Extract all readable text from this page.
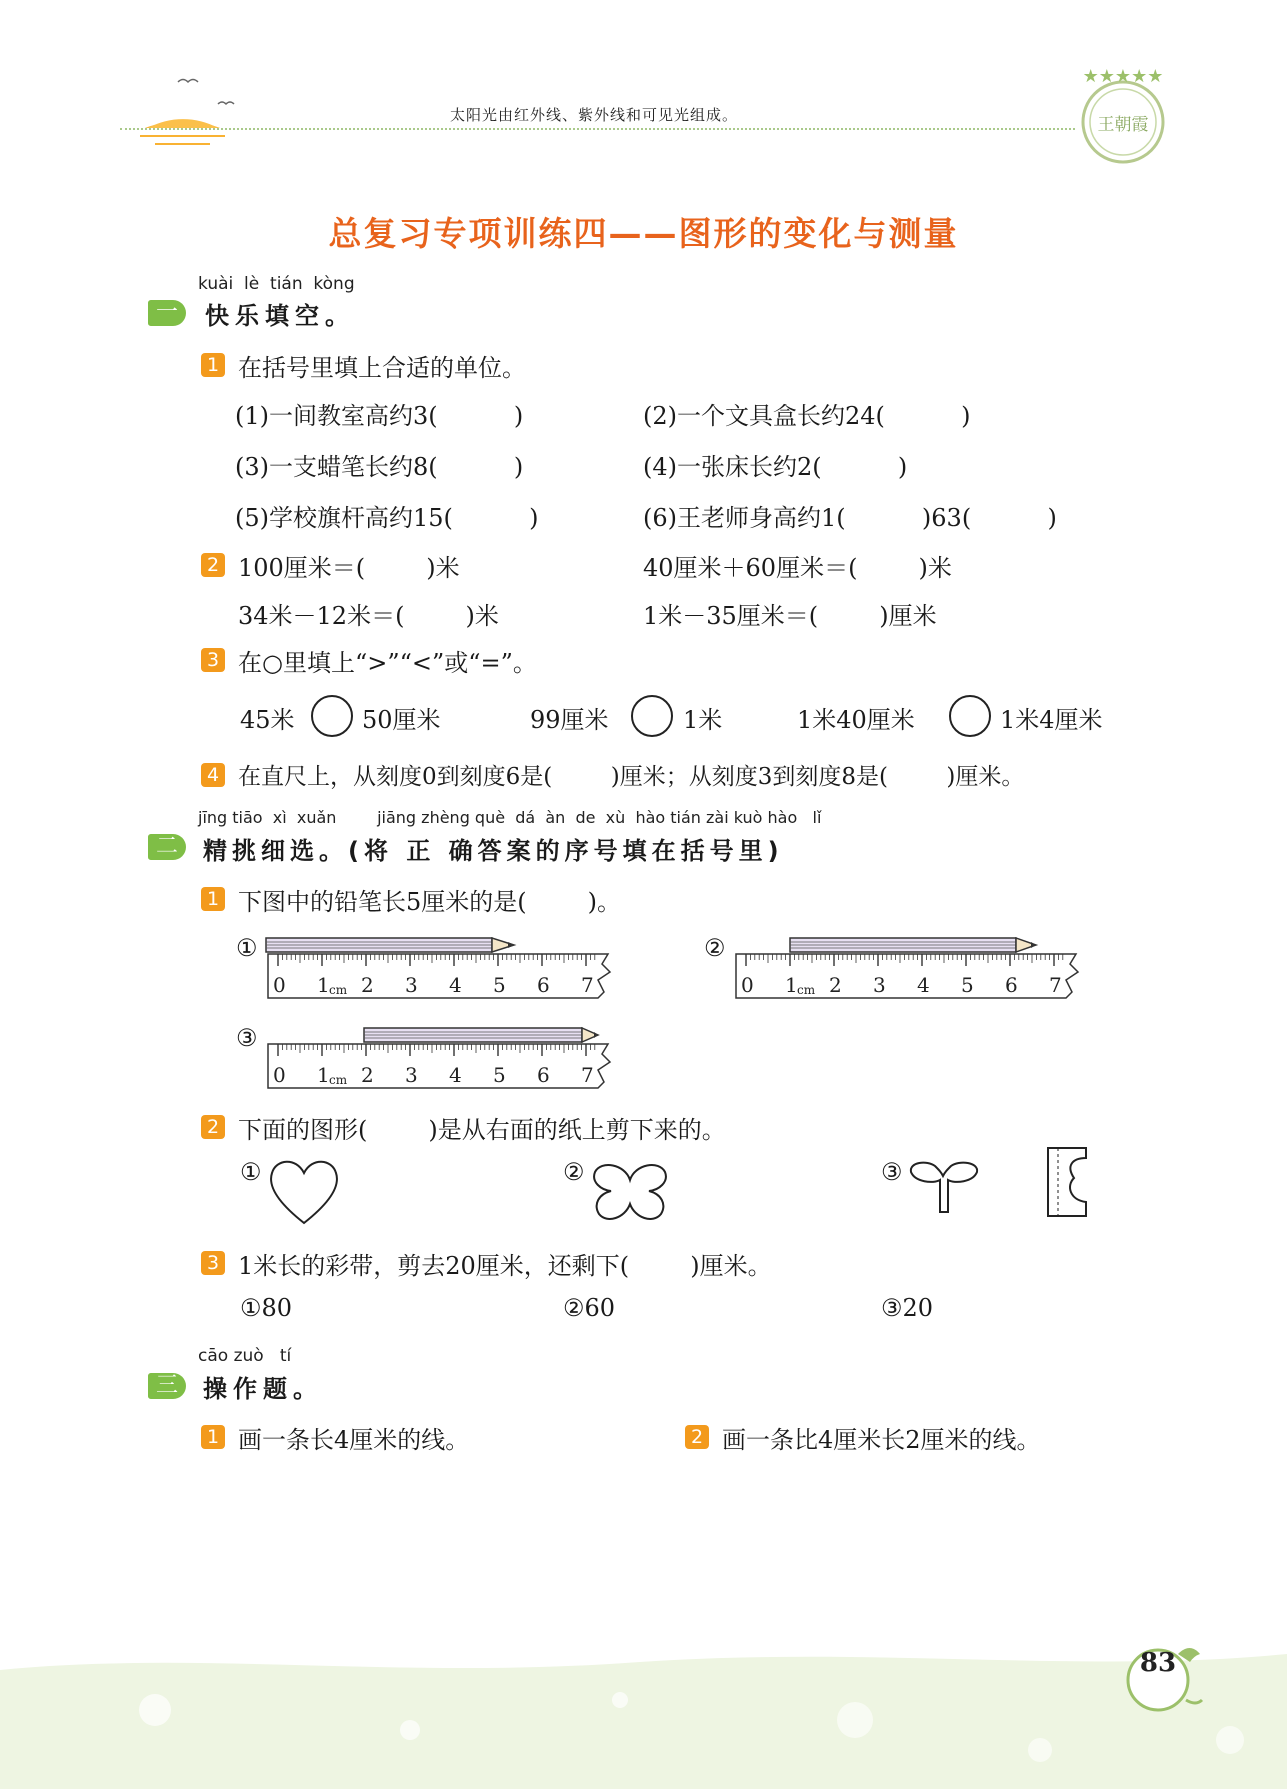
★★★★★
王朝霞
太阳光由红外线、紫外线和可见光组成。
总复习专项训练四——图形的变化与测量
kuài  lè  tián  kòng
一	快乐填空。
1 在括号里填上合适的单位。
(1)一间教室高约3(          )	(2)一个文具盒长约24(          )
(3)一支蜡笔长约8(          )	(4)一张床长约2(          )
(5)学校旗杆高约15(          )	(6)王老师身高约1(          )63(          )
2 100厘米＝(        )米	40厘米＋60厘米＝(        )米
34米－12米＝(        )米	1米－35厘米＝(        )厘米
3 在○里填上“>”“<”或“=”。
45米	50厘米	99厘米	1米	1米40厘米	1米4厘米
4 在直尺上，从刻度0到刻度6是(        )厘米；从刻度3到刻度8是(        )厘米。
jīng tiāo  xì  xuǎn        jiāng zhèng què  dá  àn  de  xù  hào tián zài kuò hào   lǐ
二	精挑细选。(将 正 确答案的序号填在括号里)
1 下图中的铅笔长5厘米的是(        )。
①
0 1 cm 2 3 4 5 6 7
②
0 1 cm 2 3 4 5 6 7
③
0 1 cm 2 3 4 5 6 7
2 下面的图形(        )是从右面的纸上剪下来的。
①	②	③
3 1米长的彩带，剪去20厘米，还剩下(        )厘米。
①80	②60	③20
cāo zuò   tí
三	操作题。
1 画一条长4厘米的线。	2 画一条比4厘米长2厘米的线。
83
